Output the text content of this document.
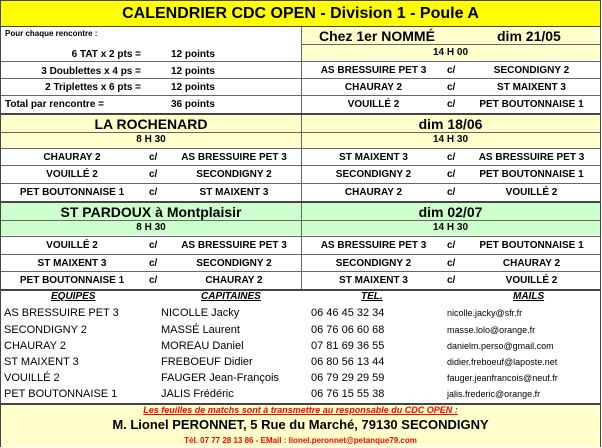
CALENDRIER CDC OPEN - Division 1 - Poule A
Pour chaque rencontre :
6 TAT x 2 pts =	12 points
3 Doublettes x 4 ps =	12 points
2 Triplettes x 6 pts =	12 points
Total par rencontre =	36 points
Chez 1er NOMMÉ	dim 21/05
14 H 00
AS BRESSUIRE PET 3	c/	SECONDIGNY 2
CHAURAY 2	c/	ST MAIXENT 3
VOUILLÉ 2	c/	PET BOUTONNAISE 1
LA ROCHENARD	dim 18/06
8 H 30	14 H 30
CHAURAY 2	c/	AS BRESSUIRE PET 3
VOUILLÉ 2	c/	SECONDIGNY 2
PET BOUTONNAISE 1	c/	ST MAIXENT 3
ST MAIXENT 3	c/	AS BRESSUIRE PET 3
SECONDIGNY 2	c/	PET BOUTONNAISE 1
CHAURAY 2	c/	VOUILLÉ 2
ST PARDOUX à Montplaisir	dim 02/07
8 H 30	14 H 30
VOUILLÉ 2	c/	AS BRESSUIRE PET 3
ST MAIXENT 3	c/	SECONDIGNY 2
PET BOUTONNAISE 1	c/	CHAURAY 2
AS BRESSUIRE PET 3	c/	PET BOUTONNAISE 1
SECONDIGNY 2	c/	CHAURAY 2
ST MAIXENT 3	c/	VOUILLÉ 2
EQUIPES	CAPITAINES	TEL.	MAILS
AS BRESSUIRE PET 3	NICOLLE Jacky	06 46 45 32 34	nicolle.jacky@sfr.fr
SECONDIGNY 2	MASSÉ Laurent	06 76 06 60 68	masse.lolo@orange.fr
CHAURAY 2	MOREAU Daniel	07 81 69 36 55	danielm.perso@gmail.com
ST MAIXENT 3	FREBOEUF Didier	06 80 56 13 44	didier.freboeuf@laposte.net
VOUILLÉ 2	FAUGER Jean-François	06 79 29 29 59	fauger.jeanfrancois@neuf.fr
PET BOUTONNAISE 1	JALIS Frédéric	06 76 15 55 38	jalis.frederic@orange.fr
Les feuilles de matchs sont à transmettre au responsable du CDC OPEN :
M. Lionel PERONNET, 5 Rue du Marché, 79130 SECONDIGNY
Tél. 07 77 28 13 86 - EMail : lionel.peronnet@petanque79.com
